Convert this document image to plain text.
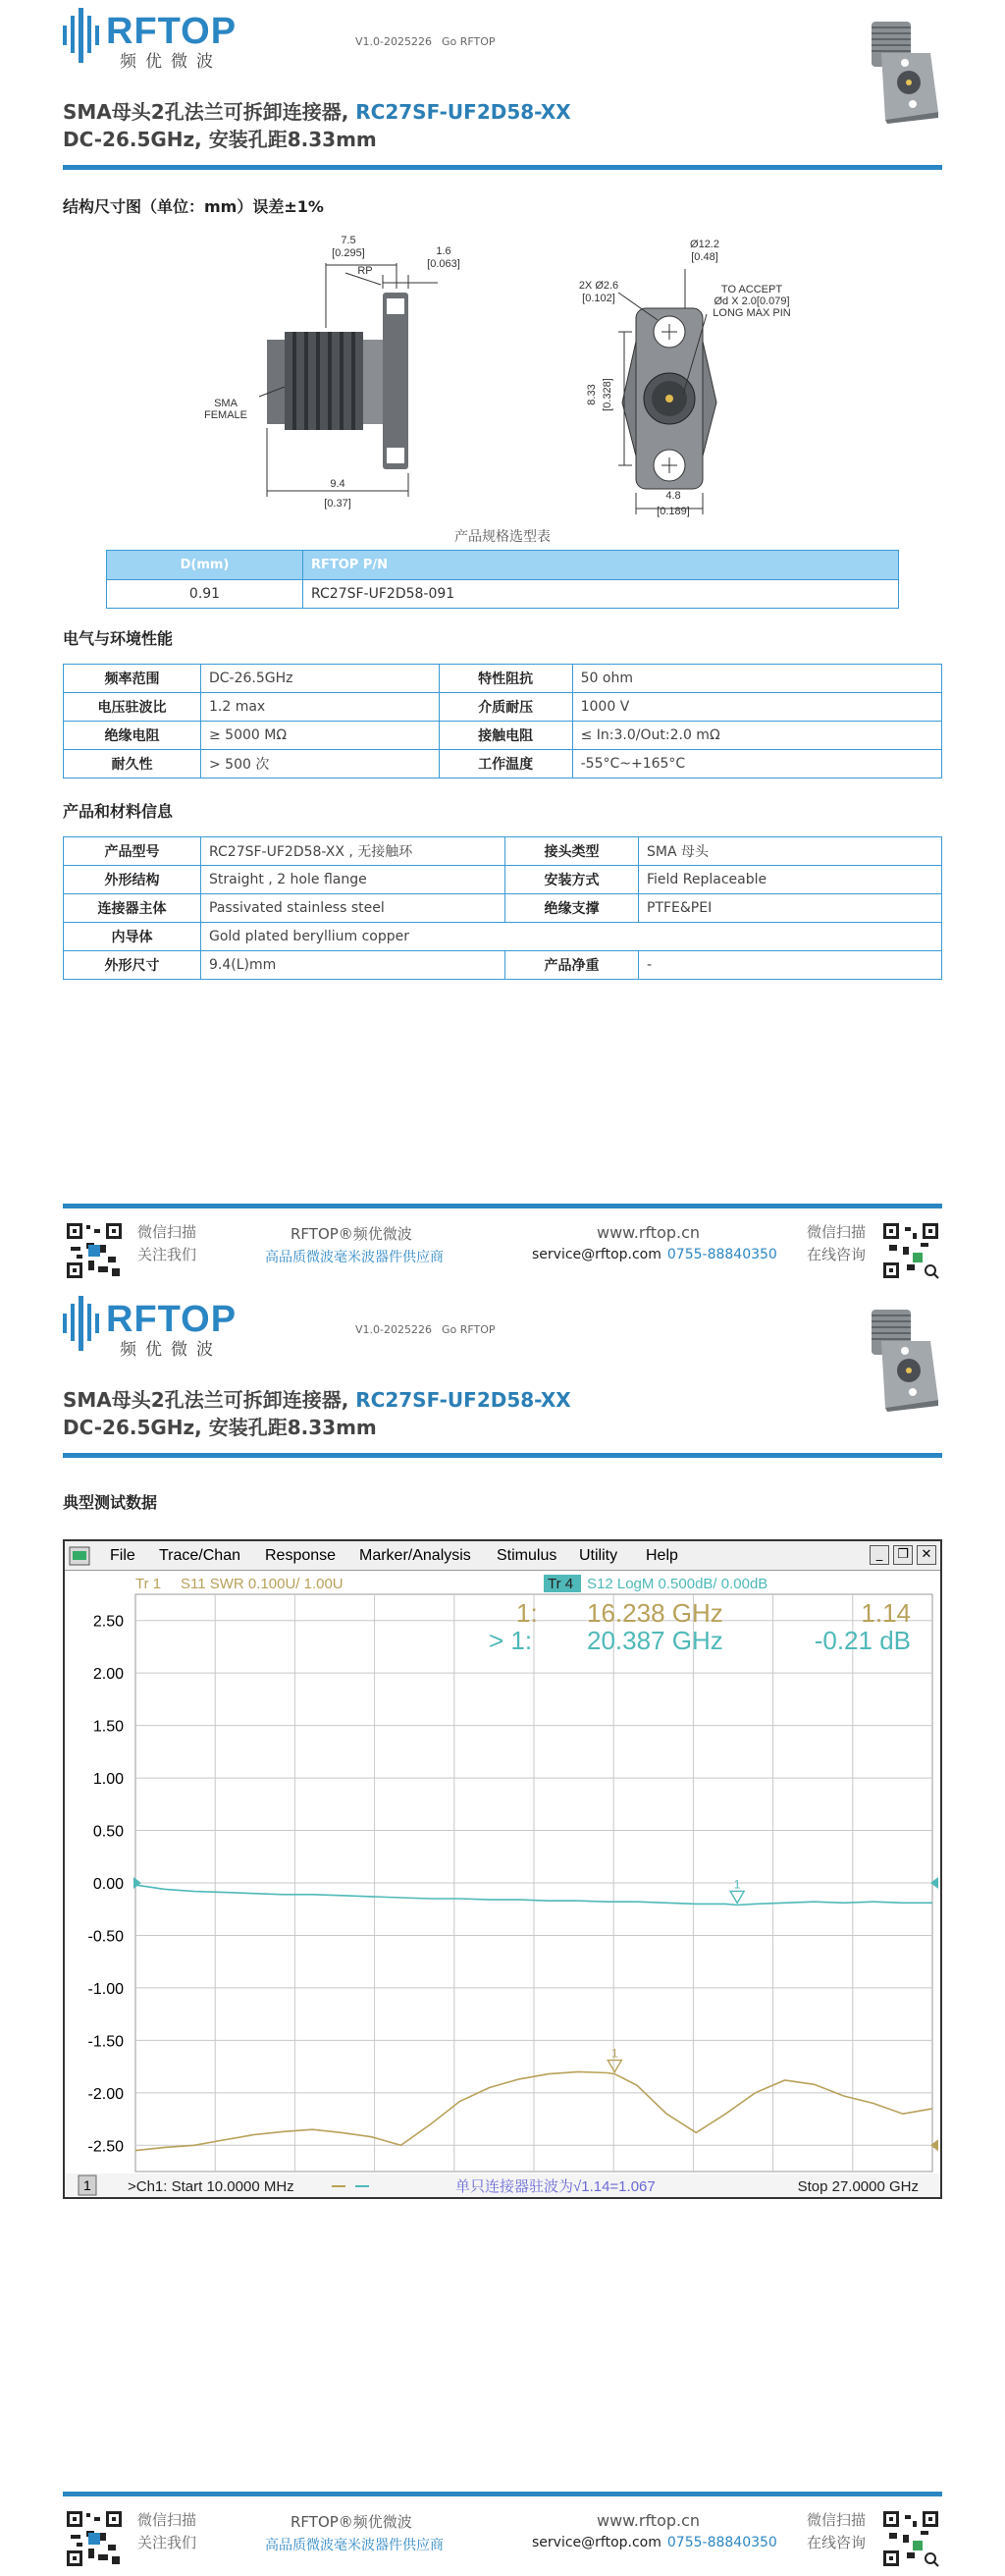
RFTOP
频优微波
V1.0-2025226 Go RFTOP
SMA母头2孔法兰可拆卸连接器, RC27SF-UF2D58-XX
DC-26.5GHz, 安装孔距8.33mm
结构尺寸图（单位：mm）误差±1%
7.5
[0.295]
RP
1.6
[0.063]
SMA
FEMALE
9.4
[0.37]
Ø12.2
[0.48]
2X Ø2.6
[0.102]
TO ACCEPT
Ød X 2.0[0.079]
LONG MAX PIN
8.33 [0.328]
4.8
[0.189]
产品规格选型表
D(mm)	RFTOP P/N
0.91	RC27SF-UF2D58-091
电气与环境性能
频率范围	DC-26.5GHz	特性阻抗	50 ohm
电压驻波比	1.2 max	介质耐压	1000 V
绝缘电阻	≥ 5000 MΩ	接触电阻	≤ In:3.0/Out:2.0 mΩ
耐久性	> 500 次	工作温度	-55°C~+165°C
产品和材料信息
产品型号	RC27SF-UF2D58-XX , 无接触环	接头类型	SMA 母头
外形结构	Straight , 2 hole flange	安装方式	Field Replaceable
连接器主体	Passivated stainless steel	绝缘支撑	PTFE&PEI
内导体	Gold plated beryllium copper		
外形尺寸	9.4(L)mm	产品净重	-
微信扫描
关注我们
RFTOP®频优微波
高品质微波毫米波器件供应商
www.rftop.cn
service@rftop.com 0755-88840350
微信扫描
在线咨询
RFTOP
频优微波
V1.0-2025226 Go RFTOP
SMA母头2孔法兰可拆卸连接器, RC27SF-UF2D58-XX
DC-26.5GHz, 安装孔距8.33mm
典型测试数据
File Trace/Chan Response Marker/Analysis Stimulus Utility Help	_	❐ ✕
Tr 1 S11 SWR 0.100U/ 1.00U	Tr 4 S12 LogM 0.500dB/ 0.00dB
2.50
2.00
1.50
1.00
0.50
0.00
-0.50
-1.00
-1.50
-2.00
-2.50
1: 16.238 GHz	1.14
> 1: 20.387 GHz	-0.21 dB
1
1
1 >Ch1: Start 10.0000 MHz	单只连接器驻波为√1.14=1.067	Stop 27.0000 GHz
微信扫描
关注我们
RFTOP®频优微波
高品质微波毫米波器件供应商
www.rftop.cn
service@rftop.com 0755-88840350
微信扫描
在线咨询
